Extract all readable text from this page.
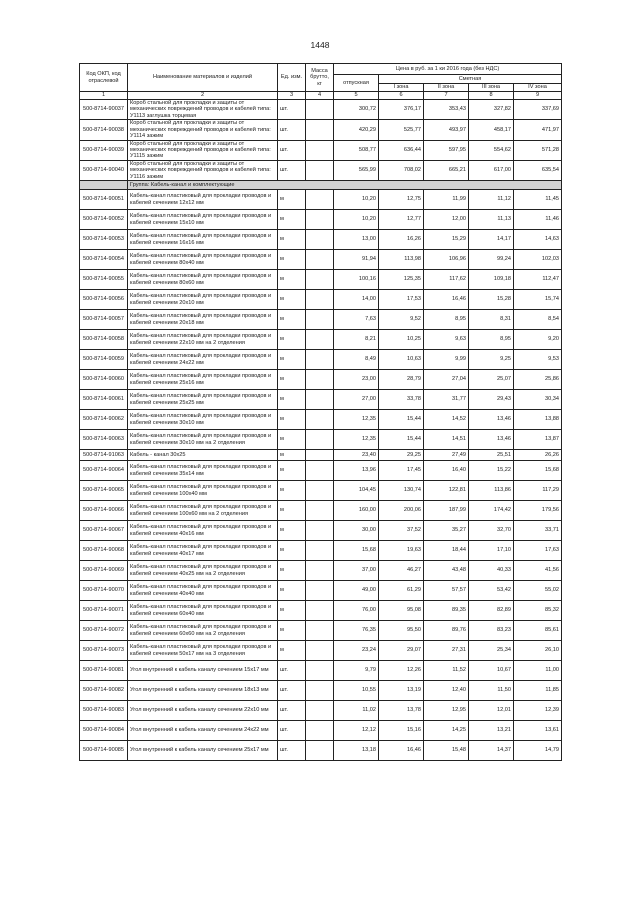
1448
Код ОКП, код отраслевой	Наименование материалов и изделий	Ед. изм.	Масса брутто, кг	Цена в руб. за 1 ки 2016 года (без НДС)				
				отпускная	Сметная			
					I зона	II зона	III зона	IV зона
1	2	3	4	5	6	7	8	9
500-8714-90037	Короб стальной для прокладки и защиты от механических повреждений проводов и кабелей типа: У1113 заглушка торцевая	шт.		300,72	376,17	353,43	327,82	337,69
500-8714-90038	Короб стальной для прокладки и защиты от механических повреждений проводов и кабелей типа: У1114 зажим	шт.		420,29	525,77	493,97	458,17	471,97
500-8714-90039	Короб стальной для прокладки и защиты от механических повреждений проводов и кабелей типа: У1115 зажим	шт.		508,77	636,44	597,95	554,62	571,28
500-8714-90040	Короб стальной для прокладки и защиты от механических повреждений проводов и кабелей типа: У1116 зажим	шт.		565,99	708,02	665,21	617,00	635,54
	Группа: Кабель-канал и комплектующие							
500-8714-90051	Кабель-канал пластиковый для прокладки проводов и кабелей сечением 12х12 мм	м		10,20	12,75	11,99	11,12	11,45
500-8714-90052	Кабель-канал пластиковый для прокладки проводов и кабелей сечением 15х10 мм	м		10,20	12,77	12,00	11,13	11,46
500-8714-90053	Кабель-канал пластиковый для прокладки проводов и кабелей сечением 16х16 мм	м		13,00	16,26	15,29	14,17	14,63
500-8714-90054	Кабель-канал пластиковый для прокладки проводов и кабелей сечением 80х40 мм	м		91,94	113,98	106,96	99,24	102,03
500-8714-90055	Кабель-канал пластиковый для прокладки проводов и кабелей сечением 80х60 мм	м		100,16	125,35	117,62	109,18	112,47
500-8714-90056	Кабель-канал пластиковый для прокладки проводов и кабелей сечением 20х10 мм	м		14,00	17,53	16,46	15,28	15,74
500-8714-90057	Кабель-канал пластиковый для прокладки проводов и кабелей сечением 20х18 мм	м		7,63	9,52	8,95	8,31	8,54
500-8714-90058	Кабель-канал пластиковый для прокладки проводов и кабелей сечением 22х10 мм на 2 отделения	м		8,21	10,25	9,63	8,95	9,20
500-8714-90059	Кабель-канал пластиковый для прокладки проводов и кабелей сечением 24х22 мм	м		8,49	10,63	9,99	9,25	9,53
500-8714-90060	Кабель-канал пластиковый для прокладки проводов и кабелей сечением 25х16 мм	м		23,00	28,79	27,04	25,07	25,86
500-8714-90061	Кабель-канал пластиковый для прокладки проводов и кабелей сечением 25х25 мм	м		27,00	33,78	31,77	29,43	30,34
500-8714-90062	Кабель-канал пластиковый для прокладки проводов и кабелей сечением 30х10 мм	м		12,35	15,44	14,52	13,46	13,88
500-8714-90063	Кабель-канал пластиковый для прокладки проводов и кабелей сечением 30х10 мм на 2 отделения	м		12,35	15,44	14,51	13,46	13,87
500-8714-91063	Кабель - канал 30х25	м		23,40	29,25	27,49	25,51	26,26
500-8714-90064	Кабель-канал пластиковый для прокладки проводов и кабелей сечением 35х14 мм	м		13,96	17,45	16,40	15,22	15,68
500-8714-90065	Кабель-канал пластиковый для прокладки проводов и кабелей сечением 100х40 мм	м		104,45	130,74	122,81	113,86	117,29
500-8714-90066	Кабель-канал пластиковый для прокладки проводов и кабелей сечением 100х60 мм на 2 отделения	м		160,00	200,06	187,99	174,42	179,56
500-8714-90067	Кабель-канал пластиковый для прокладки проводов и кабелей сечением 40х16 мм	м		30,00	37,52	35,27	32,70	33,71
500-8714-90068	Кабель-канал пластиковый для прокладки проводов и кабелей сечением 40х17 мм	м		15,68	19,63	18,44	17,10	17,63
500-8714-90069	Кабель-канал пластиковый для прокладки проводов и кабелей сечением 40х25 мм на 2 отделения	м		37,00	46,27	43,48	40,33	41,56
500-8714-90070	Кабель-канал пластиковый для прокладки проводов и кабелей сечением 40х40 мм	м		49,00	61,29	57,57	53,42	55,02
500-8714-90071	Кабель-канал пластиковый для прокладки проводов и кабелей сечением 60х40 мм	м		76,00	95,08	89,35	82,89	85,32
500-8714-90072	Кабель-канал пластиковый для прокладки проводов и кабелей сечением 60х60 мм на 2 отделения	м		76,35	95,50	89,76	83,23	85,61
500-8714-90073	Кабель-канал пластиковый для прокладки проводов и кабелей сечением 50х17 мм на 3 отделения	м		23,24	29,07	27,31	25,34	26,10
500-8714-90081	Угол внутренний к кабель каналу сечением 15х17 мм	шт.		9,79	12,26	11,52	10,67	11,00
500-8714-90082	Угол внутренний к кабель каналу сечением 18х13 мм	шт.		10,55	13,19	12,40	11,50	11,85
500-8714-90083	Угол внутренний к кабель каналу сечением 22х10 мм	шт.		11,02	13,78	12,95	12,01	12,39
500-8714-90084	Угол внутренний к кабель каналу сечением 24х22 мм	шт.		12,12	15,16	14,25	13,21	13,61
500-8714-90085	Угол внутренний к кабель каналу сечением 25х17 мм	шт.		13,18	16,46	15,48	14,37	14,79
